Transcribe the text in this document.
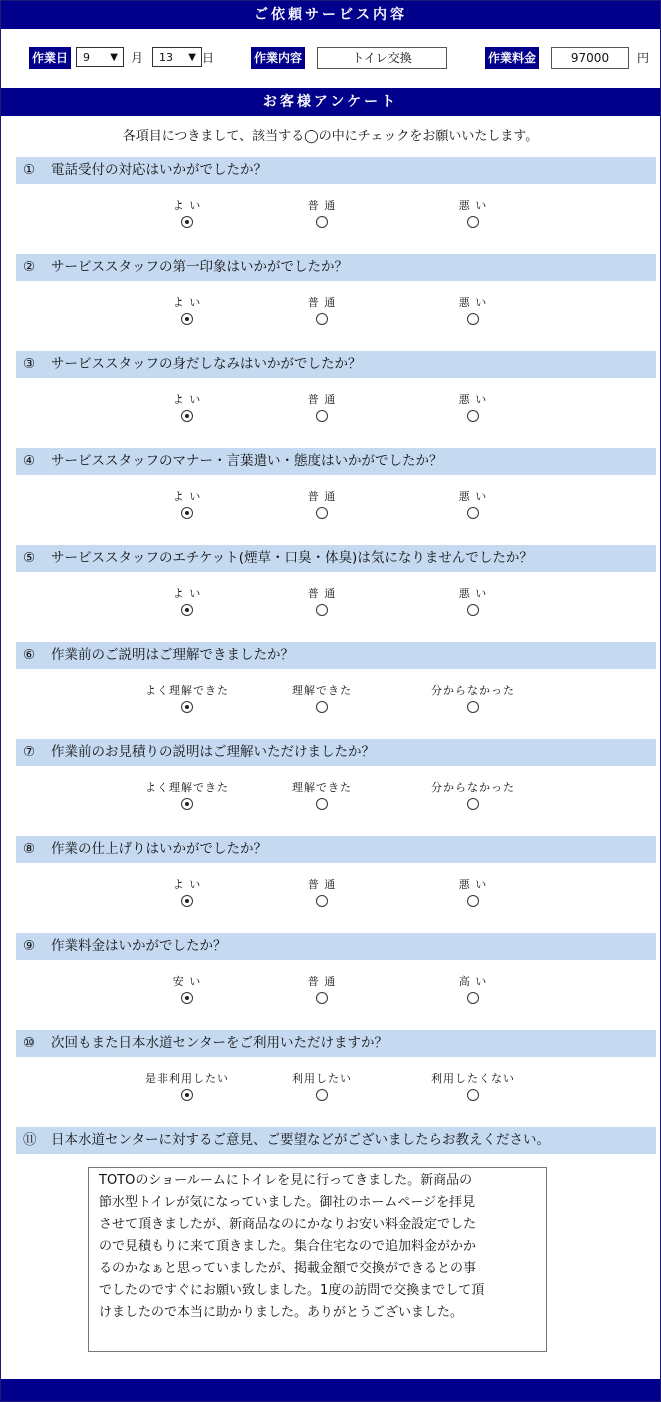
ご依頼サービス内容
作業日	9 ▼ 月	13 ▼ 日	作業内容	トイレ交換	作業料金	97000	円
お客様アンケート
各項目につきまして、該当する◯の中にチェックをお願いいたします。
① 電話受付の対応はいかがでしたか？
よ い	普 通	悪 い
② サービススタッフの第一印象はいかがでしたか？
よ い	普 通	悪 い
③ サービススタッフの身だしなみはいかがでしたか？
よ い	普 通	悪 い
④ サービススタッフのマナー・言葉遣い・態度はいかがでしたか？
よ い	普 通	悪 い
⑤ サービススタッフのエチケット(煙草・口臭・体臭)は気になりませんでしたか？
よ い	普 通	悪 い
⑥ 作業前のご説明はご理解できましたか？
よく理解できた	理解できた	分からなかった
⑦ 作業前のお見積りの説明はご理解いただけましたか？
よく理解できた	理解できた	分からなかった
⑧ 作業の仕上げりはいかがでしたか？
よ い	普 通	悪 い
⑨ 作業料金はいかがでしたか？
安 い	普 通	高 い
⑩ 次回もまた日本水道センターをご利用いただけますか？
是非利用したい	利用したい	利用したくない
⑪ 日本水道センターに対するご意見、ご要望などがございましたらお教えください。
TOTOのショールームにトイレを見に行ってきました。新商品の
節水型トイレが気になっていました。御社のホームページを拝見
させて頂きましたが、新商品なのにかなりお安い料金設定でした
ので見積もりに来て頂きました。集合住宅なので追加料金がかか
るのかなぁと思っていましたが、掲載金額で交換ができるとの事
でしたのですぐにお願い致しました。1度の訪問で交換までして頂
けましたので本当に助かりました。ありがとうございました。
